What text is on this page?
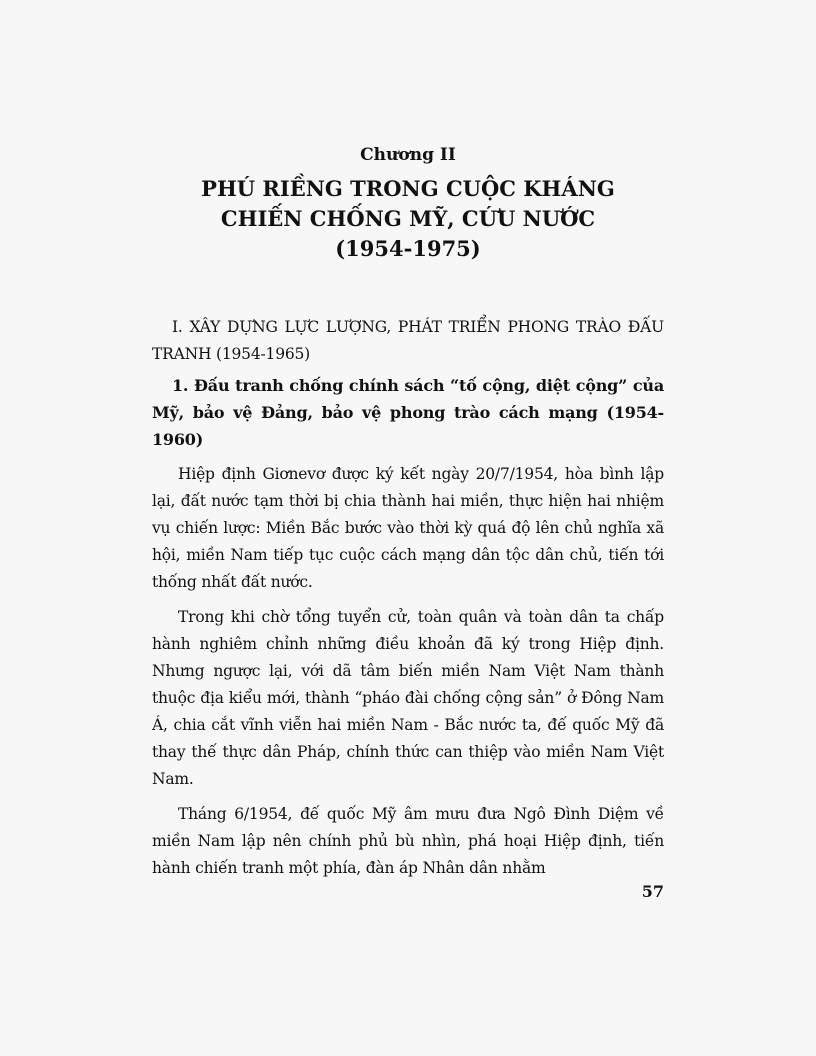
Chương II

PHÚ RIỀNG TRONG CUỘC KHÁNG CHIẾN CHỐNG MỸ, CỨU NƯỚC

(1954-1975)

I. XÂY DỰNG LỰC LƯỢNG, PHÁT TRIỂN PHONG TRÀO ĐẤU TRANH (1954-1965)

1. Đấu tranh chống chính sách “tố cộng, diệt cộng” của Mỹ, bảo vệ Đảng, bảo vệ phong trào cách mạng (1954-1960)

Hiệp định Giơnevơ được ký kết ngày 20/7/1954, hòa bình lập lại, đất nước tạm thời bị chia thành hai miền, thực hiện hai nhiệm vụ chiến lược: Miền Bắc bước vào thời kỳ quá độ lên chủ nghĩa xã hội, miền Nam tiếp tục cuộc cách mạng dân tộc dân chủ, tiến tới thống nhất đất nước.

Trong khi chờ tổng tuyển cử, toàn quân và toàn dân ta chấp hành nghiêm chỉnh những điều khoản đã ký trong Hiệp định. Nhưng ngược lại, với dã tâm biến miền Nam Việt Nam thành thuộc địa kiểu mới, thành “pháo đài chống cộng sản” ở Đông Nam Á, chia cắt vĩnh viễn hai miền Nam - Bắc nước ta, đế quốc Mỹ đã thay thế thực dân Pháp, chính thức can thiệp vào miền Nam Việt Nam.

Tháng 6/1954, đế quốc Mỹ âm mưu đưa Ngô Đình Diệm về miền Nam lập nên chính phủ bù nhìn, phá hoại Hiệp định, tiến hành chiến tranh một phía, đàn áp Nhân dân nhằm

57
